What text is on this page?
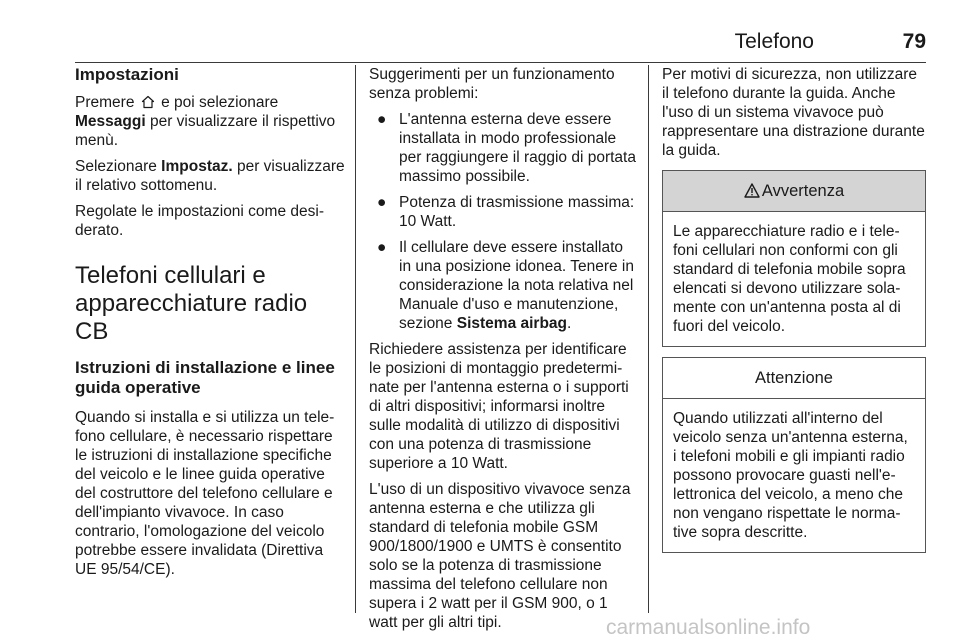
Telefono	79
Impostazioni

Premere e poi selezionare Messaggi per visualizzare il rispettivo menù.

Selezionare Impostaz. per visualizzare il relativo sottomenu.

Regolate le impostazioni come desiderato.

Telefoni cellulari e apparecchiature radio CB
Istruzioni di installazione e linee guida operative

Quando si installa e si utilizza un telefono cellulare, è necessario rispettare le istruzioni di installazione specifiche del veicolo e le linee guida operative del costruttore del telefono cellulare e dell'impianto vivavoce. In caso contrario, l'omologazione del veicolo potrebbe essere invalidata (Direttiva UE 95/54/CE).

Suggerimenti per un funzionamento senza problemi:

● L'antenna esterna deve essere installata in modo professionale per raggiungere il raggio di portata massimo possibile.
● Potenza di trasmissione massima: 10 Watt.
● Il cellulare deve essere installato in una posizione idonea. Tenere in considerazione la nota relativa nel Manuale d'uso e manutenzione, sezione Sistema airbag.

Richiedere assistenza per identificare le posizioni di montaggio predeterminate per l'antenna esterna o i supporti di altri dispositivi; informarsi inoltre sulle modalità di utilizzo di dispositivi con una potenza di trasmissione superiore a 10 Watt.

L'uso di un dispositivo vivavoce senza antenna esterna e che utilizza gli standard di telefonia mobile GSM 900/1800/1900 e UMTS è consentito solo se la potenza di trasmissione massima del telefono cellulare non supera i 2 watt per il GSM 900, o 1 watt per gli altri tipi.

Per motivi di sicurezza, non utilizzare il telefono durante la guida. Anche l'uso di un sistema vivavoce può rappresentare una distrazione durante la guida.

Avvertenza
Le apparecchiature radio e i telefoni cellulari non conformi con gli standard di telefonia mobile sopra elencati si devono utilizzare solamente con un'antenna posta al di fuori del veicolo.
Attenzione
Quando utilizzati all'interno del veicolo senza un'antenna esterna, i telefoni mobili e gli impianti radio possono provocare guasti nell'elettronica del veicolo, a meno che non vengano rispettate le normative sopra descritte.
carmanualsonline.info
